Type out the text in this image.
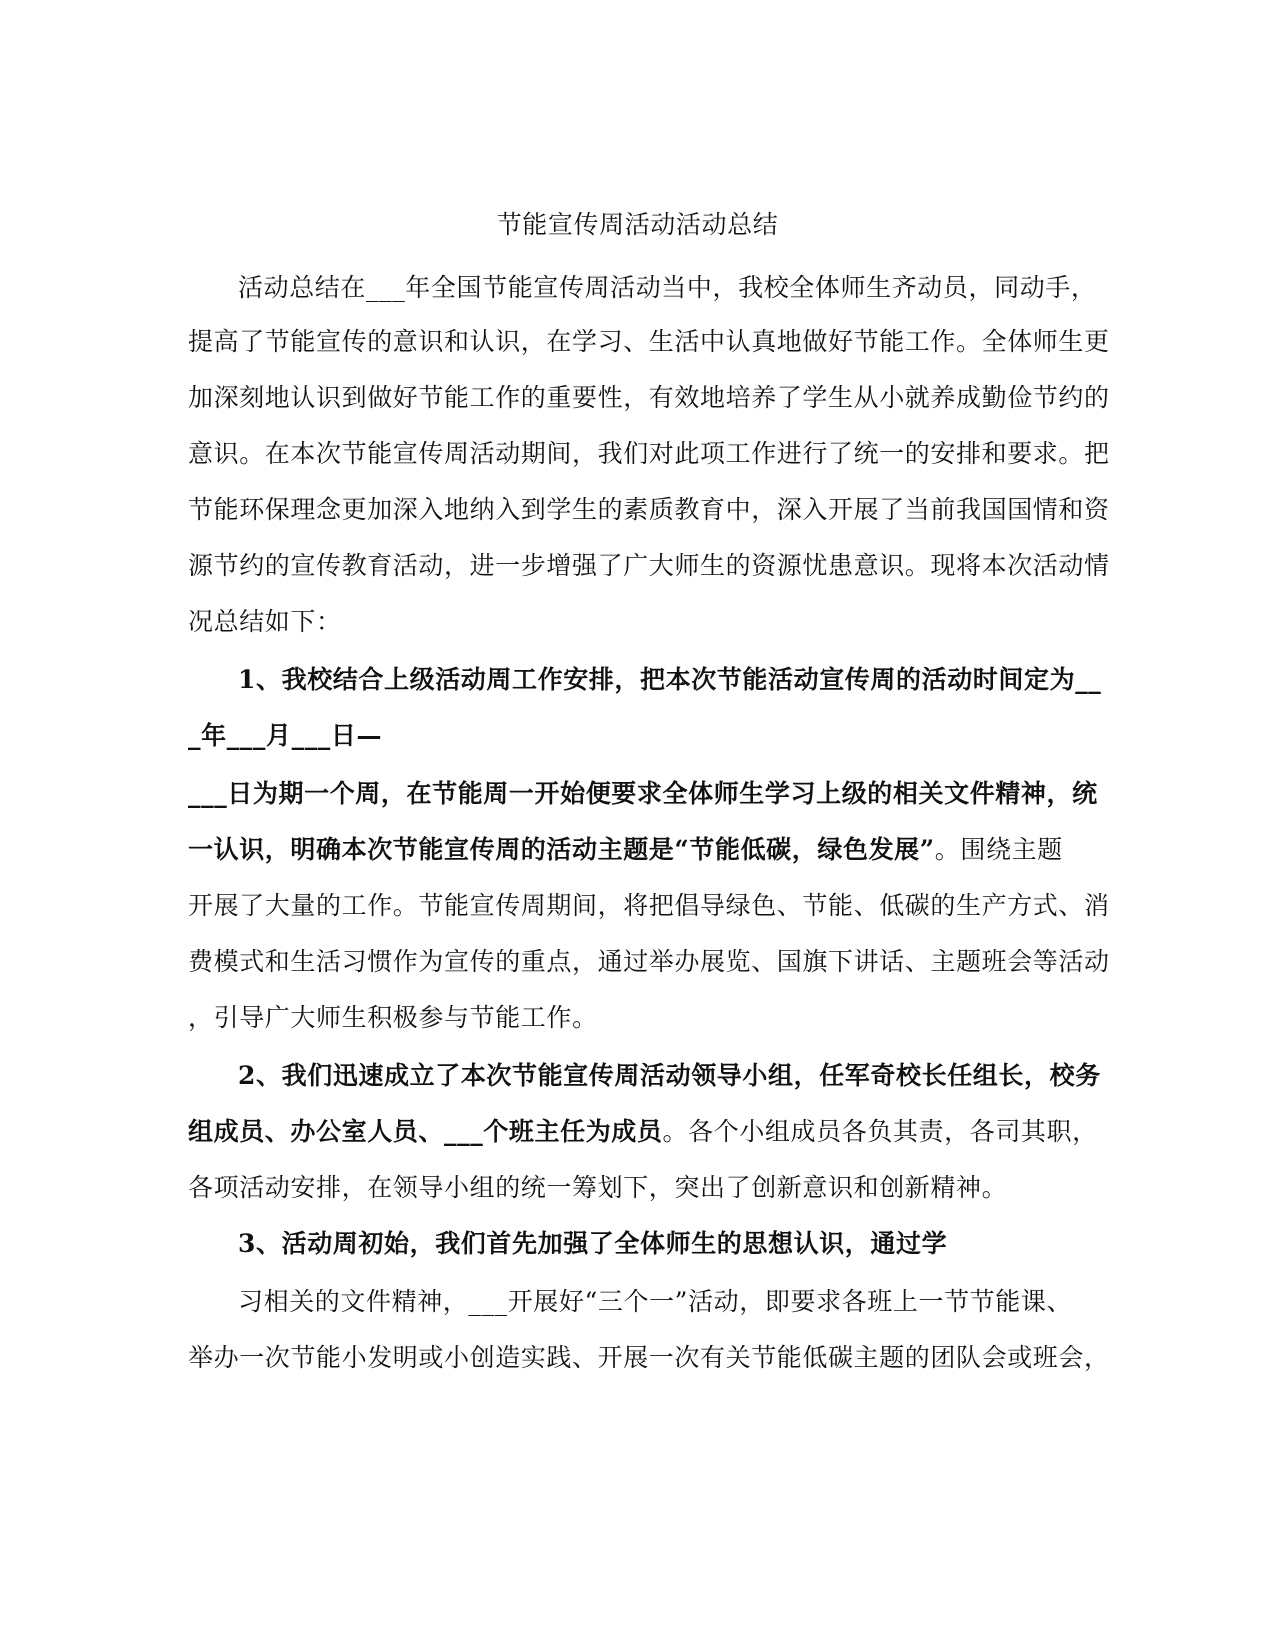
节能宣传周活动活动总结
活动总结在___年全国节能宣传周活动当中，我校全体师生齐动员，同动手，
提高了节能宣传的意识和认识，在学习、生活中认真地做好节能工作。全体师生更
加深刻地认识到做好节能工作的重要性，有效地培养了学生从小就养成勤俭节约的
意识。在本次节能宣传周活动期间，我们对此项工作进行了统一的安排和要求。把
节能环保理念更加深入地纳入到学生的素质教育中，深入开展了当前我国国情和资
源节约的宣传教育活动，进一步增强了广大师生的资源忧患意识。现将本次活动情
况总结如下：
1、我校结合上级活动周工作安排，把本次节能活动宣传周的活动时间定为__
_年___月___日—
___日为期一个周，在节能周一开始便要求全体师生学习上级的相关文件精神，统
一认识，明确本次节能宣传周的活动主题是“节能低碳，绿色发展”。围绕主题
开展了大量的工作。节能宣传周期间，将把倡导绿色、节能、低碳的生产方式、消
费模式和生活习惯作为宣传的重点，通过举办展览、国旗下讲话、主题班会等活动
，引导广大师生积极参与节能工作。
2、我们迅速成立了本次节能宣传周活动领导小组，任军奇校长任组长，校务
组成员、办公室人员、___个班主任为成员。各个小组成员各负其责，各司其职，
各项活动安排，在领导小组的统一筹划下，突出了创新意识和创新精神。
3、活动周初始，我们首先加强了全体师生的思想认识，通过学
习相关的文件精神，___开展好“三个一”活动，即要求各班上一节节能课、
举办一次节能小发明或小创造实践、开展一次有关节能低碳主题的团队会或班会，
